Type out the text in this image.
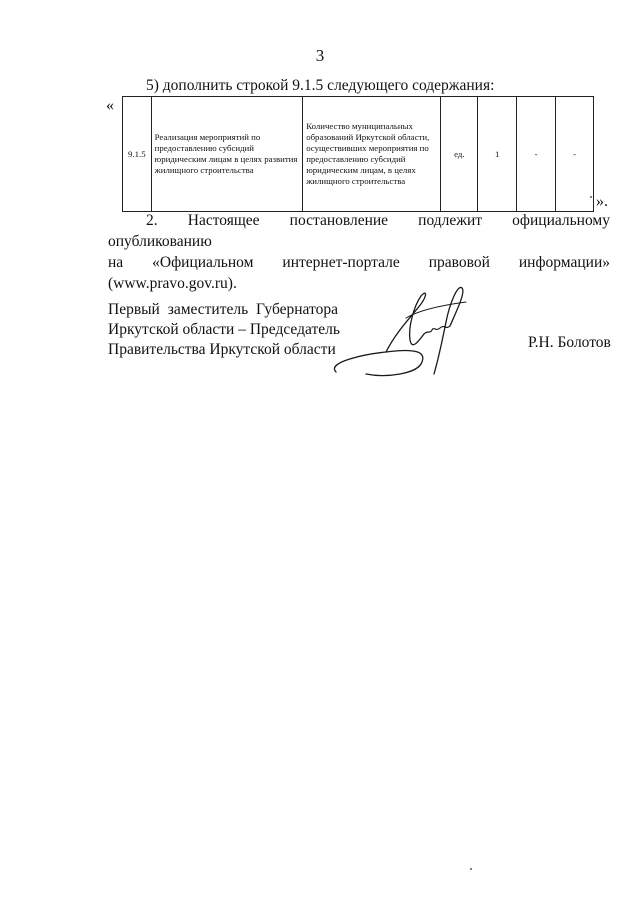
3
5) дополнить строкой 9.1.5 следующего содержания:
«
9.1.5	Реализация мероприятий по предоставлению субсидий юридическим лицам в целях развития жилищного строительства	Количество муниципальных образований Иркутской области, осуществивших мероприятия по предоставлению субсидий юридическим лицам, в целях жилищного строительства	ед.	1	-	-
».

2. Настоящее постановление подлежит официальному опубликованию

на «Официальном интернет-портале правовой информации»

(www.pravo.gov.ru).

Первый заместитель Губернатора
Иркутской области – Председатель
Правительства Иркутской области	Р.Н. Болотов
